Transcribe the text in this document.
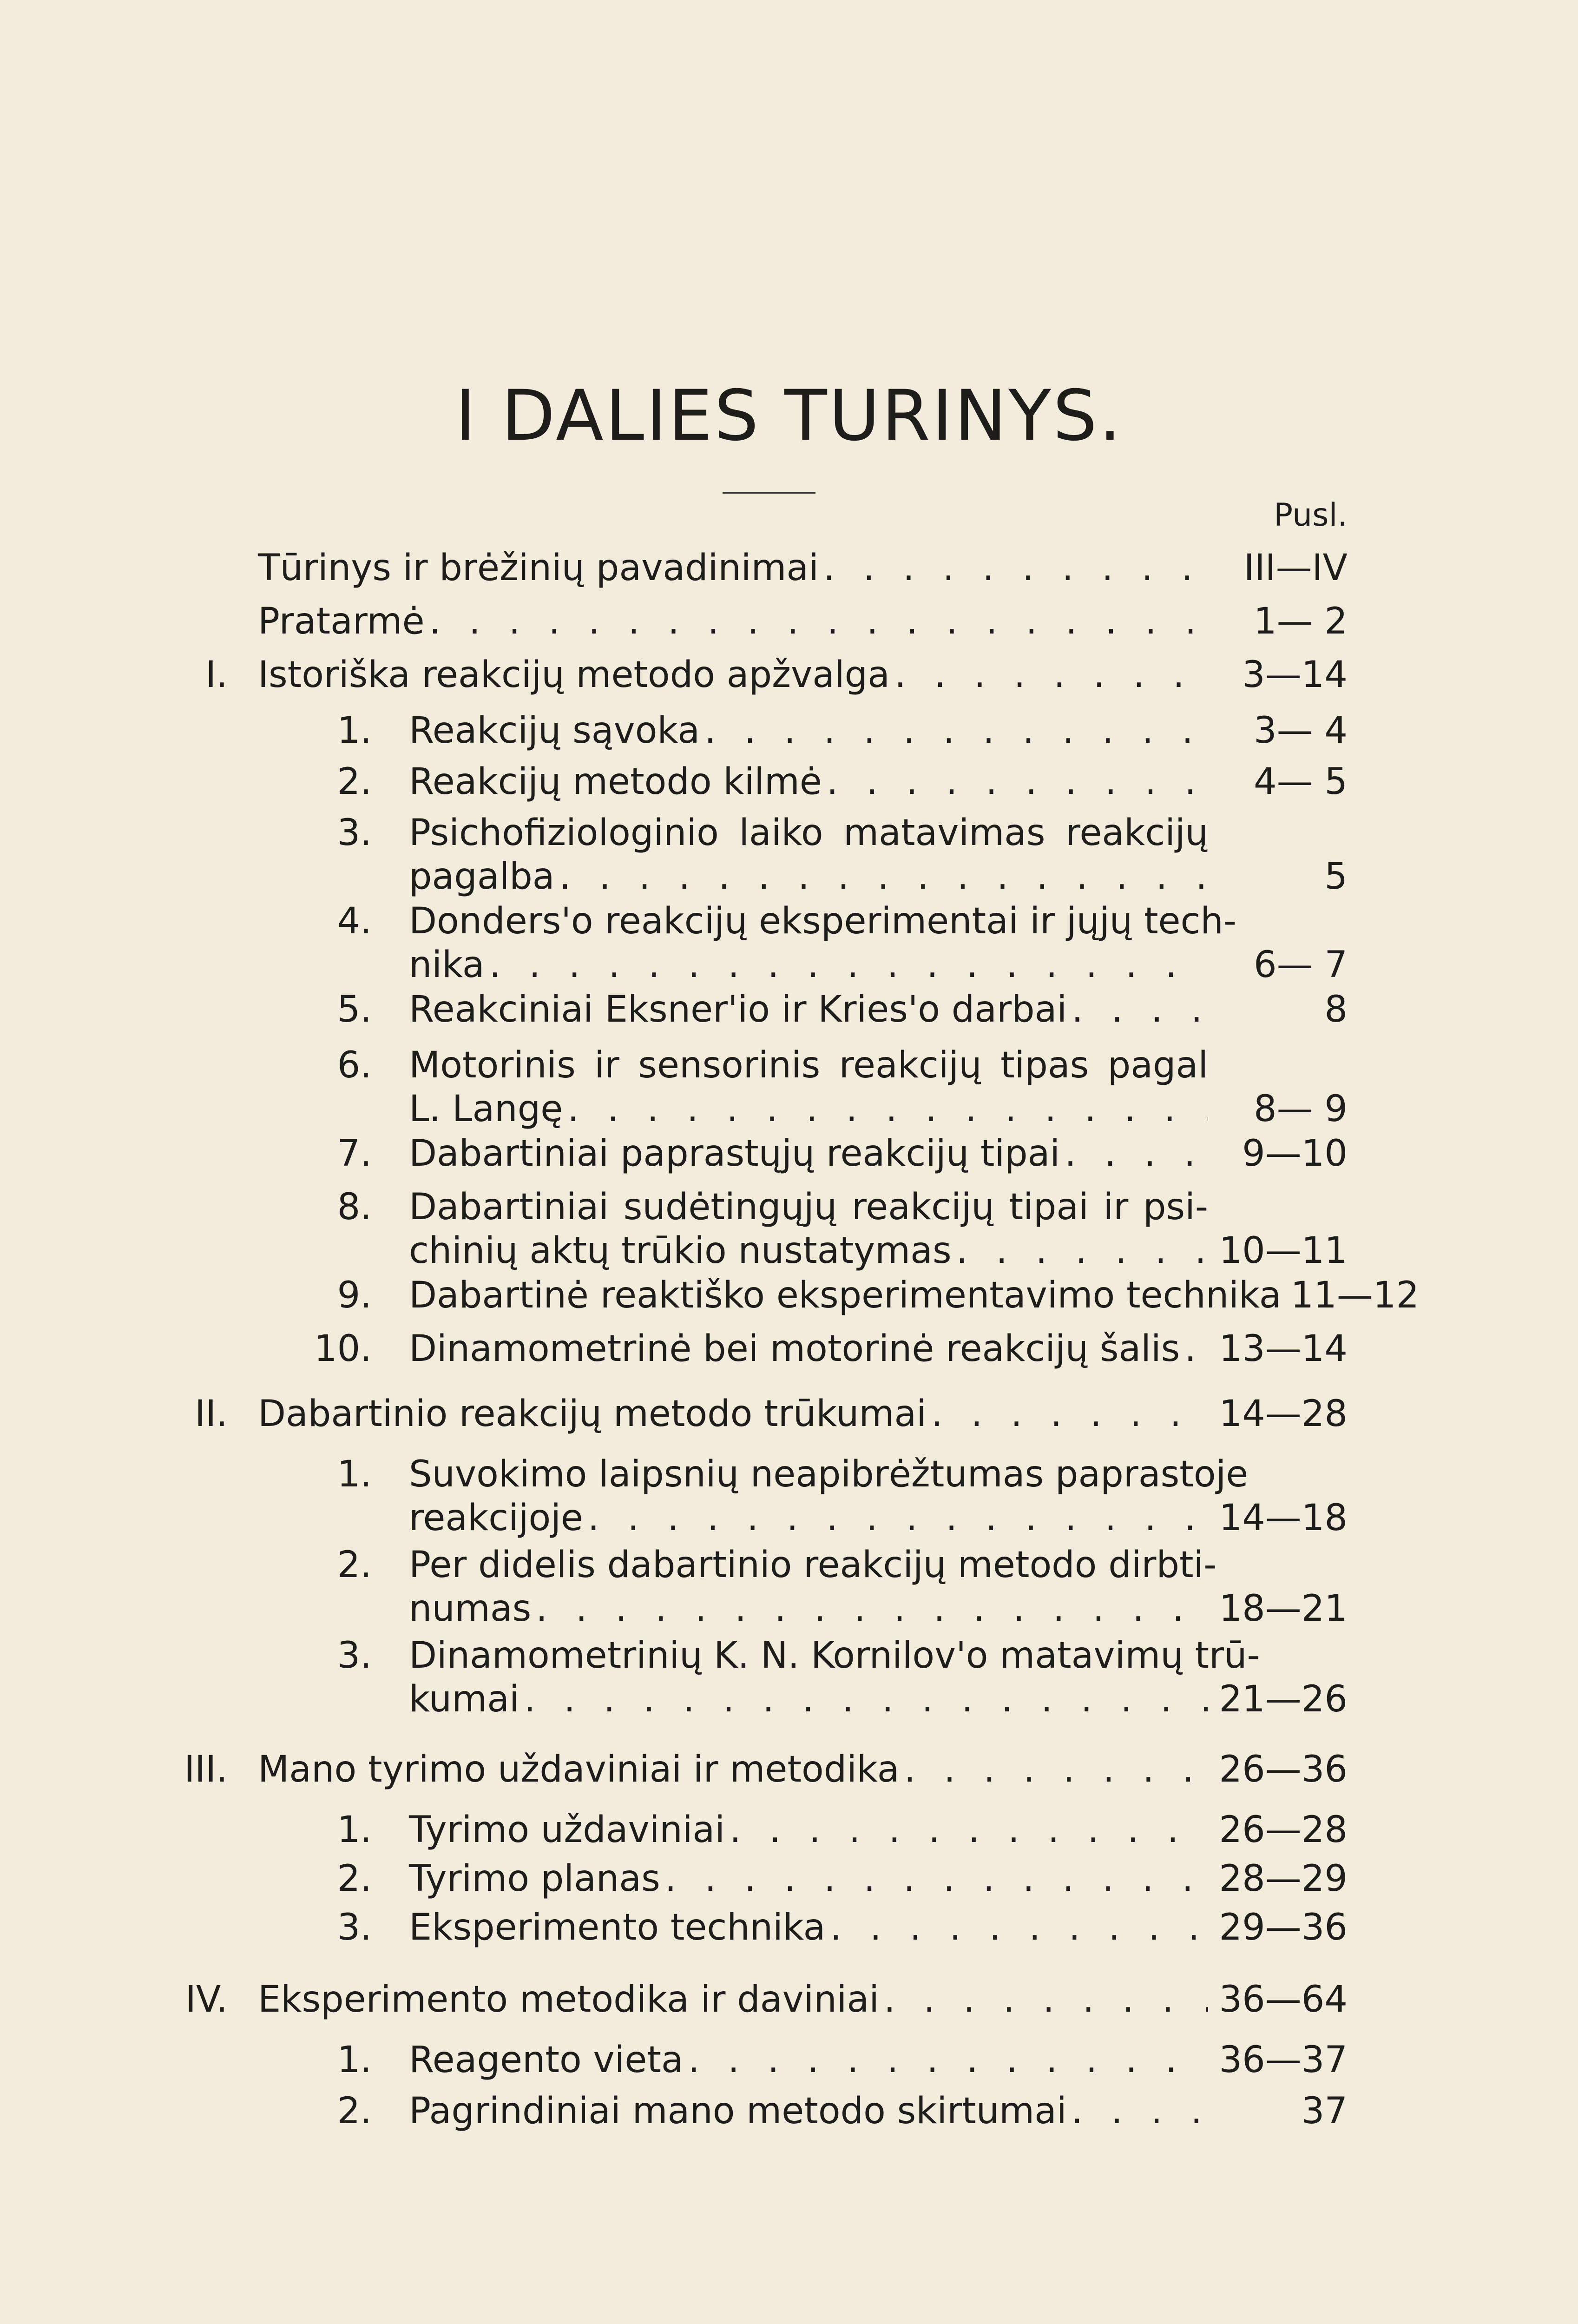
I DALIES TURINYS.
Pusl.
Tūrinys ir brėžinių pavadinimai . . .	III—IV
Pratarmė . . .	1— 2
I. Istoriška reakcijų metodo apžvalga . . .	3—14
1. Reakcijų sąvoka . . .	3— 4
2. Reakcijų metodo kilmė . . .	4— 5
3. Psichofiziologinio laiko matavimas reakcijų
pagalba . . .	5
4. Donders'o reakcijų eksperimentai ir jųjų tech-
nika . . .	6— 7
5. Reakciniai Eksner'io ir Kries'o darbai . . .	8
6. Motorinis ir sensorinis reakcijų tipas pagal
L. Langę . . .	8— 9
7. Dabartiniai paprastųjų reakcijų tipai . . .	9—10
8. Dabartiniai sudėtingųjų reakcijų tipai ir psi-
chinių aktų trūkio nustatymas . . .	10—11
9. Dabartinė reaktiško eksperimentavimo technika 11—12
10. Dinamometrinė bei motorinė reakcijų šalis . . . 13—14
II. Dabartinio reakcijų metodo trūkumai . . .	14—28
1. Suvokimo laipsnių neapibrėžtumas paprastoje
reakcijoje . . .	14—18
2. Per didelis dabartinio reakcijų metodo dirbti-
numas . . .	18—21
3. Dinamometrinių K. N. Kornilov'o matavimų trū-
kumai . . .	21—26
III. Mano tyrimo uždaviniai ir metodika . . .	26—36
1. Tyrimo uždaviniai . . .	26—28
2. Tyrimo planas . . .	28—29
3. Eksperimento technika . . .	29—36
IV. Eksperimento metodika ir daviniai . . .	36—64
1. Reagento vieta . . .	36—37
2. Pagrindiniai mano metodo skirtumai . . .	37
